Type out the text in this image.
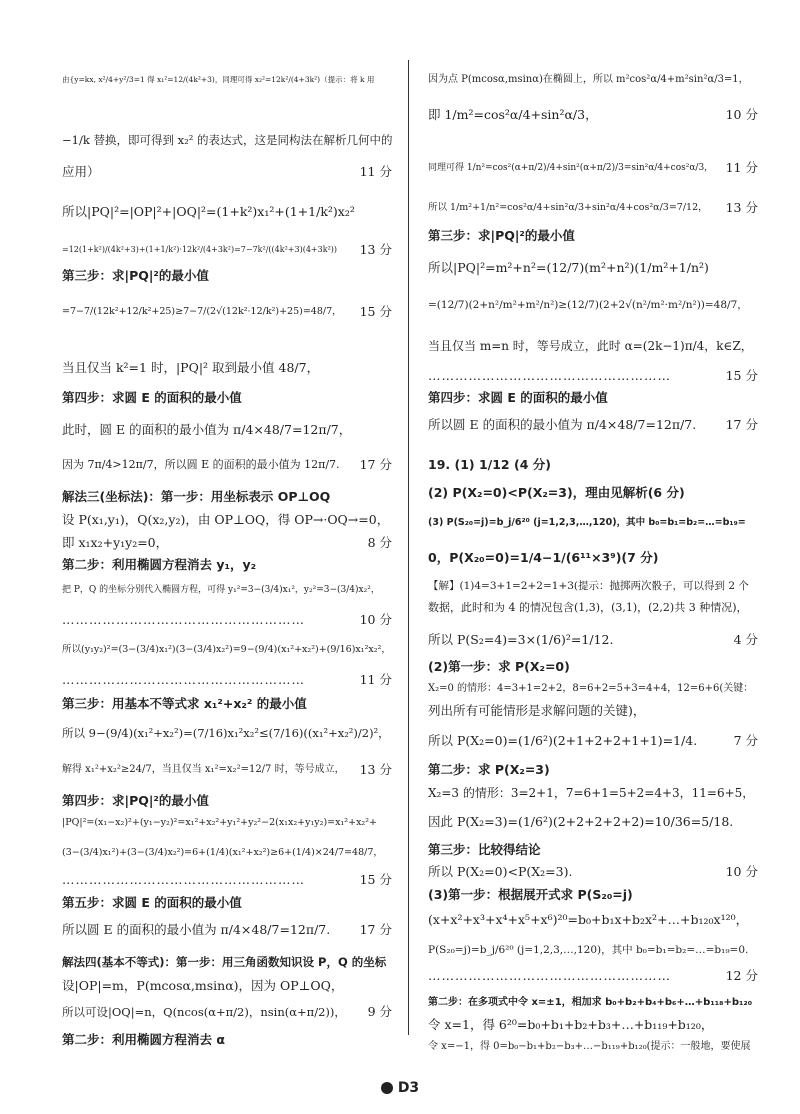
由{y=kx, x²/4+y²/3=1 得 x₁²=12/(4k²+3)，同理可得 x₂²=12k²/(4+3k²)（提示：将 k 用
−1/k 替换，即可得到 x₂² 的表达式，这是同构法在解析几何中的
应用）	11 分
所以|PQ|²=|OP|²+|OQ|²=(1+k²)x₁²+(1+1/k²)x₂²
=12(1+k²)/(4k²+3)+(1+1/k²)·12k²/(4+3k²)=7−7k²/((4k²+3)(4+3k²)) 13 分
第三步：求|PQ|²的最小值
=7−7/(12k²+12/k²+25)≥7−7/(2√(12k²·12/k²)+25)=48/7， 15 分
当且仅当 k²=1 时，|PQ|² 取到最小值 48/7，
第四步：求圆 E 的面积的最小值
此时，圆 E 的面积的最小值为 π/4×48/7=12π/7，
因为 7π/4>12π/7，所以圆 E 的面积的最小值为 12π/7. 17 分
解法三(坐标法)：第一步：用坐标表示 OP⊥OQ
设 P(x₁,y₁)，Q(x₂,y₂)，由 OP⊥OQ，得 OP→·OQ→=0，
即 x₁x₂+y₁y₂=0，	8 分
第二步：利用椭圆方程消去 y₁，y₂
把 P，Q 的坐标分别代入椭圆方程，可得 y₁²=3−(3/4)x₁²，y₂²=3−(3/4)x₂²，
………………………………………………	10 分
所以(y₁y₂)²=(3−(3/4)x₁²)(3−(3/4)x₂²)=9−(9/4)(x₁²+x₂²)+(9/16)x₁²x₂²，
………………………………………………	11 分
第三步：用基本不等式求 x₁²+x₂² 的最小值
所以 9−(9/4)(x₁²+x₂²)=(7/16)x₁²x₂²≤(7/16)((x₁²+x₂²)/2)²，
解得 x₁²+x₂²≥24/7，当且仅当 x₁²=x₂²=12/7 时，等号成立， 13 分
第四步：求|PQ|²的最小值
|PQ|²=(x₁−x₂)²+(y₁−y₂)²=x₁²+x₂²+y₁²+y₂²−2(x₁x₂+y₁y₂)=x₁²+x₂²+
(3−(3/4)x₁²)+(3−(3/4)x₂²)=6+(1/4)(x₁²+x₂²)≥6+(1/4)×24/7=48/7，
………………………………………………	15 分
第五步：求圆 E 的面积的最小值
所以圆 E 的面积的最小值为 π/4×48/7=12π/7. 17 分
解法四(基本不等式)：第一步：用三角函数知识设 P，Q 的坐标
设|OP|=m，P(mcosα,msinα)，因为 OP⊥OQ，
所以可设|OQ|=n，Q(ncos(α+π/2)，nsin(α+π/2))， 9 分
第二步：利用椭圆方程消去 α
因为点 P(mcosα,msinα)在椭圆上，所以 m²cos²α/4+m²sin²α/3=1，
即 1/m²=cos²α/4+sin²α/3，	10 分
同理可得 1/n²=cos²(α+π/2)/4+sin²(α+π/2)/3=sin²α/4+cos²α/3， 11 分
所以 1/m²+1/n²=cos²α/4+sin²α/3+sin²α/4+cos²α/3=7/12， 13 分
第三步：求|PQ|²的最小值
所以|PQ|²=m²+n²=(12/7)(m²+n²)(1/m²+1/n²)
=(12/7)(2+n²/m²+m²/n²)≥(12/7)(2+2√(n²/m²·m²/n²))=48/7，
当且仅当 m=n 时，等号成立，此时 α=(2k−1)π/4，k∈Z，
………………………………………………	15 分
第四步：求圆 E 的面积的最小值
所以圆 E 的面积的最小值为 π/4×48/7=12π/7. 17 分
19. (1) 1/12 (4 分)
(2) P(X₂=0)<P(X₂=3)，理由见解析(6 分)
(3) P(S₂₀=j)=b_j/6²⁰ (j=1,2,3,…,120)，其中 b₀=b₁=b₂=…=b₁₉=
0，P(X₂₀=0)=1/4−1/(6¹¹×3⁹)(7 分)
【解】(1)4=3+1=2+2=1+3(提示：抛掷两次骰子，可以得到 2 个
数据，此时和为 4 的情况包含(1,3)，(3,1)，(2,2)共 3 种情况)，
所以 P(S₂=4)=3×(1/6)²=1/12.	4 分
(2)第一步：求 P(X₂=0)
X₂=0 的情形：4=3+1=2+2，8=6+2=5+3=4+4，12=6+6(关键：
列出所有可能情形是求解问题的关键)，
所以 P(X₂=0)=(1/6²)(2+1+2+2+1+1)=1/4.	7 分
第二步：求 P(X₂=3)
X₂=3 的情形：3=2+1，7=6+1=5+2=4+3，11=6+5，
因此 P(X₂=3)=(1/6²)(2+2+2+2+2)=10/36=5/18.
第三步：比较得结论
所以 P(X₂=0)<P(X₂=3).	10 分
(3)第一步：根据展开式求 P(S₂₀=j)
(x+x²+x³+x⁴+x⁵+x⁶)²⁰=b₀+b₁x+b₂x²+…+b₁₂₀x¹²⁰，
P(S₂₀=j)=b_j/6²⁰ (j=1,2,3,…,120)，其中 b₀=b₁=b₂=…=b₁₉=0.
………………………………………………	12 分
第二步：在多项式中令 x=±1，相加求 b₀+b₂+b₄+b₆+…+b₁₁₈+b₁₂₀
令 x=1，得 6²⁰=b₀+b₁+b₂+b₃+…+b₁₁₉+b₁₂₀，
令 x=−1，得 0=b₀−b₁+b₂−b₃+…−b₁₁₉+b₁₂₀(提示：一般地，要使展
D3
